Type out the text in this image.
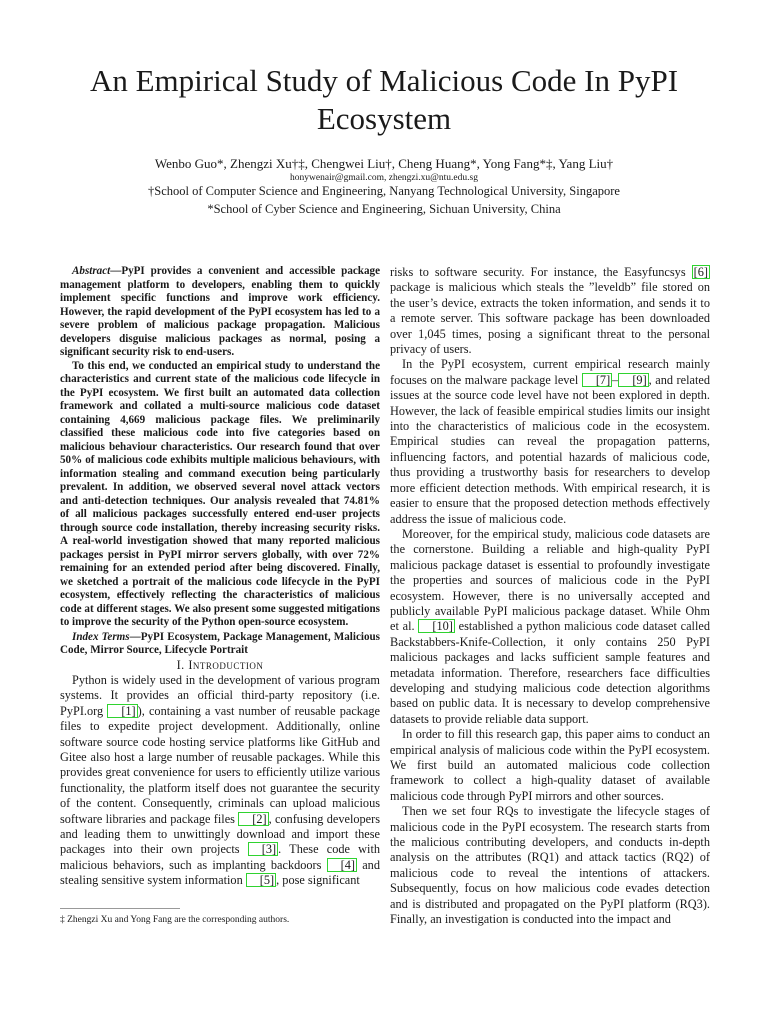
An Empirical Study of Malicious Code In PyPI Ecosystem
Wenbo Guo*, Zhengzi Xu†‡, Chengwei Liu†, Cheng Huang*, Yong Fang*‡, Yang Liu†
honywenair@gmail.com, zhengzi.xu@ntu.edu.sg
†School of Computer Science and Engineering, Nanyang Technological University, Singapore
*School of Cyber Science and Engineering, Sichuan University, China

Abstract—PyPI provides a convenient and accessible package management platform to developers, enabling them to quickly implement specific functions and improve work efficiency. However, the rapid development of the PyPI ecosystem has led to a severe problem of malicious package propagation. Malicious developers disguise malicious packages as normal, posing a significant security risk to end-users.

To this end, we conducted an empirical study to understand the characteristics and current state of the malicious code lifecycle in the PyPI ecosystem. We first built an automated data collection framework and collated a multi-source malicious code dataset containing 4,669 malicious package files. We preliminarily classified these malicious code into five categories based on malicious behaviour characteristics. Our research found that over 50% of malicious code exhibits multiple malicious behaviours, with information stealing and command execution being particularly prevalent. In addition, we observed several novel attack vectors and anti-detection techniques. Our analysis revealed that 74.81% of all malicious packages successfully entered end-user projects through source code installation, thereby increasing security risks. A real-world investigation showed that many reported malicious packages persist in PyPI mirror servers globally, with over 72% remaining for an extended period after being discovered. Finally, we sketched a portrait of the malicious code lifecycle in the PyPI ecosystem, effectively reflecting the characteristics of malicious code at different stages. We also present some suggested mitigations to improve the security of the Python open-source ecosystem.

Index Terms—PyPI Ecosystem, Package Management, Malicious Code, Mirror Source, Lifecycle Portrait

I. Introduction

Python is widely used in the development of various program systems. It provides an official third-party repository (i.e. PyPI.org [1] ), containing a vast number of reusable package files to expedite project development. Additionally, online software source code hosting service platforms like GitHub and Gitee also host a large number of reusable packages. While this provides great convenience for users to efficiently utilize various functionality, the platform itself does not guarantee the security of the content. Consequently, criminals can upload malicious software libraries and package files [2] , confusing developers and leading them to unwittingly download and import these packages into their own projects [3] . These code with malicious behaviors, such as implanting backdoors [4] and stealing sensitive system information [5] , pose significant

‡ Zhengzi Xu and Yong Fang are the corresponding authors.

risks to software security. For instance, the Easyfuncsys [6] package is malicious which steals the ”leveldb” file stored on the user’s device, extracts the token information, and sends it to a remote server. This software package has been downloaded over 1,045 times, posing a significant threat to the personal privacy of users.

In the PyPI ecosystem, current empirical research mainly focuses on the malware package level [7] – [9] , and related issues at the source code level have not been explored in depth. However, the lack of feasible empirical studies limits our insight into the characteristics of malicious code in the ecosystem. Empirical studies can reveal the propagation patterns, influencing factors, and potential hazards of malicious code, thus providing a trustworthy basis for researchers to develop more efficient detection methods. With empirical research, it is easier to ensure that the proposed detection methods effectively address the issue of malicious code.

Moreover, for the empirical study, malicious code datasets are the cornerstone. Building a reliable and high-quality PyPI malicious package dataset is essential to profoundly investigate the properties and sources of malicious code in the PyPI ecosystem. However, there is no universally accepted and publicly available PyPI malicious package dataset. While Ohm et al. [10] established a python malicious code dataset called Backstabbers-Knife-Collection, it only contains 250 PyPI malicious packages and lacks sufficient sample features and metadata information. Therefore, researchers face difficulties developing and studying malicious code detection algorithms based on public data. It is necessary to develop comprehensive datasets to provide reliable data support.

In order to fill this research gap, this paper aims to conduct an empirical analysis of malicious code within the PyPI ecosystem. We first build an automated malicious code collection framework to collect a high-quality dataset of available malicious code through PyPI mirrors and other sources.

Then we set four RQs to investigate the lifecycle stages of malicious code in the PyPI ecosystem. The research starts from the malicious contributing developers, and conducts in-depth analysis on the attributes (RQ1) and attack tactics (RQ2) of malicious code to reveal the intentions of attackers. Subsequently, focus on how malicious code evades detection and is distributed and propagated on the PyPI platform (RQ3). Finally, an investigation is conducted into the impact and
